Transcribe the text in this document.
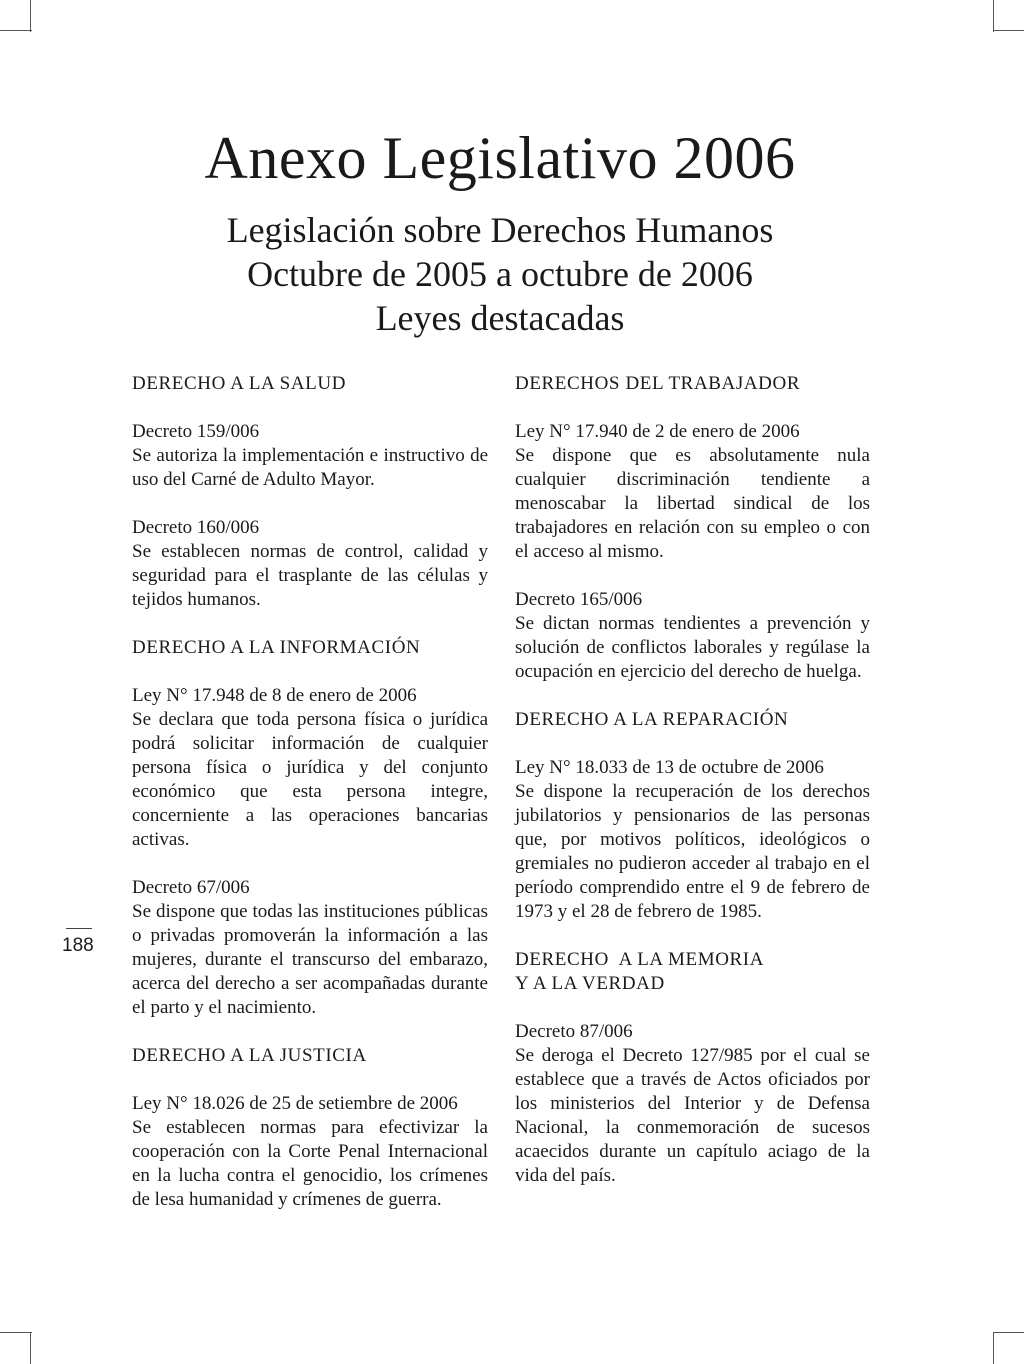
Anexo Legislativo 2006
Legislación sobre Derechos Humanos
Octubre de 2005 a octubre de 2006
Leyes destacadas
DERECHO A LA SALUD
Decreto 159/006
Se autoriza la implementación e instructivo de uso del Carné de Adulto Mayor.
Decreto 160/006
Se establecen normas de control, calidad y seguridad para el trasplante de las células y tejidos humanos.
DERECHO A LA INFORMACIÓN
Ley N° 17.948 de 8 de enero de 2006
Se declara que toda persona física o jurídica podrá solicitar información de cualquier persona física o jurídica y del conjunto económico que esta persona integre, concerniente a las operaciones bancarias activas.
Decreto 67/006
Se dispone que todas las instituciones públicas o privadas promoverán la información a las mujeres, durante el transcurso del embarazo, acerca del derecho a ser acompañadas durante el parto y el nacimiento.
DERECHO A LA JUSTICIA
Ley N° 18.026 de 25 de setiembre de 2006
Se establecen normas para efectivizar la cooperación con la Corte Penal Internacional en la lucha contra el genocidio, los crímenes de lesa humanidad y crímenes de guerra.
DERECHOS DEL TRABAJADOR
Ley N° 17.940 de 2 de enero de 2006
Se dispone que es absolutamente nula cualquier discriminación tendiente a menoscabar la libertad sindical de los trabajadores en relación con su empleo o con el acceso al mismo.
Decreto 165/006
Se dictan normas tendientes a prevención y solución de conflictos laborales y regúlase la ocupación en ejercicio del derecho de huelga.
DERECHO A LA REPARACIÓN
Ley N° 18.033 de 13 de octubre de 2006
Se dispone la recuperación de los derechos jubilatorios y pensionarios de las personas que, por motivos políticos, ideológicos o gremiales no pudieron acceder al trabajo en el período comprendido entre el 9 de febrero de 1973 y el 28 de febrero de 1985.
DERECHO  A LA MEMORIA
Y A LA VERDAD
Decreto 87/006
Se deroga el Decreto 127/985 por el cual se establece que a través de Actos oficiados por los ministerios del Interior y de Defensa Nacional, la conmemoración de sucesos acaecidos durante un capítulo aciago de la vida del país.
188
